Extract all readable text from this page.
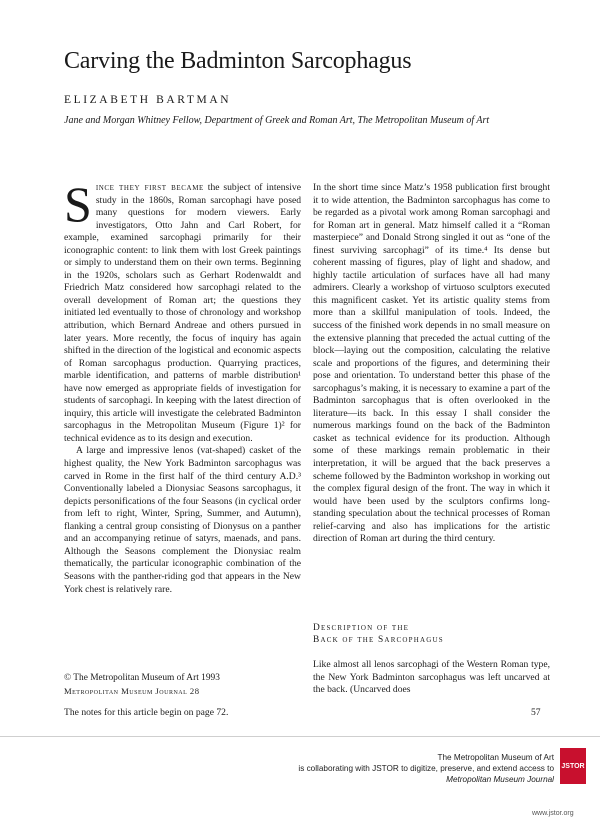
Carving the Badminton Sarcophagus
ELIZABETH BARTMAN
Jane and Morgan Whitney Fellow, Department of Greek and Roman Art, The Metropolitan Museum of Art

Since they first became the subject of intensive study in the 1860s, Roman sarcophagi have posed many questions for modern viewers. Early investigators, Otto Jahn and Carl Robert, for example, examined sarcophagi primarily for their iconographic content: to link them with lost Greek paintings or simply to understand them on their own terms. Beginning in the 1920s, scholars such as Gerhart Rodenwaldt and Friedrich Matz considered how sarcophagi related to the overall development of Roman art; the questions they initiated led eventually to those of chronology and workshop attribution, which Bernard Andreae and others pursued in later years. More recently, the focus of inquiry has again shifted in the direction of the logistical and economic aspects of Roman sarcophagus production. Quarrying practices, marble identification, and patterns of marble distribution¹ have now emerged as appropriate fields of investigation for students of sarcophagi. In keeping with the latest direction of inquiry, this article will investigate the celebrated Badminton sarcophagus in the Metropolitan Museum (Figure 1)² for technical evidence as to its design and execution.

A large and impressive lenos (vat-shaped) casket of the highest quality, the New York Badminton sarcophagus was carved in Rome in the first half of the third century A.D.³ Conventionally labeled a Dionysiac Seasons sarcophagus, it depicts personifications of the four Seasons (in cyclical order from left to right, Winter, Spring, Summer, and Autumn), flanking a central group consisting of Dionysus on a panther and an accompanying retinue of satyrs, maenads, and pans. Although the Seasons complement the Dionysiac realm thematically, the particular iconographic combination of the Seasons with the panther-riding god that appears in the New York chest is relatively rare.

In the short time since Matz’s 1958 publication first brought it to wide attention, the Badminton sarcophagus has come to be regarded as a pivotal work among Roman sarcophagi and for Roman art in general. Matz himself called it a “Roman masterpiece” and Donald Strong singled it out as “one of the finest surviving sarcophagi” of its time.⁴ Its dense but coherent massing of figures, play of light and shadow, and highly tactile articulation of surfaces have all had many admirers. Clearly a workshop of virtuoso sculptors executed this magnificent casket. Yet its artistic quality stems from more than a skillful manipulation of tools. Indeed, the success of the finished work depends in no small measure on the extensive planning that preceded the actual cutting of the block—laying out the composition, calculating the relative scale and proportions of the figures, and determining their pose and orientation. To understand better this phase of the sarcophagus’s making, it is necessary to examine a part of the Badminton sarcophagus that is often overlooked in the literature—its back. In this essay I shall consider the numerous markings found on the back of the Badminton casket as technical evidence for its production. Although some of these markings remain problematic in their interpretation, it will be argued that the back preserves a scheme followed by the Badminton workshop in working out the complex figural design of the front. The way in which it would have been used by the sculptors confirms long-standing speculation about the technical processes of Roman relief-carving and also has implications for the artistic direction of Roman art during the third century.

Description of the
Back of the Sarcophagus

Like almost all lenos sarcophagi of the Western Roman type, the New York Badminton sarcophagus was left uncarved at the back. (Uncarved does

© The Metropolitan Museum of Art 1993
Metropolitan Museum Journal 28
The notes for this article begin on page 72.	57
The Metropolitan Museum of Art
is collaborating with JSTOR to digitize, preserve, and extend access to
Metropolitan Museum Journal
JSTOR
www.jstor.org
